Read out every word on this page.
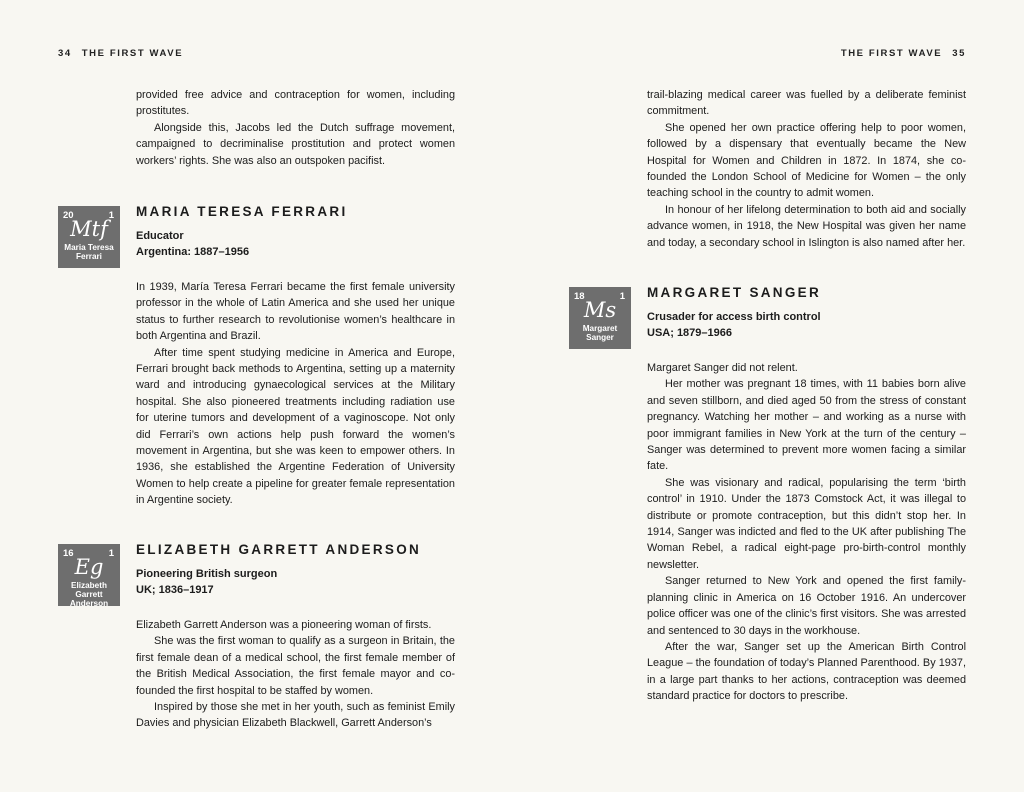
34 THE FIRST WAVE

provided free advice and contraception for women, including prostitutes.

Alongside this, Jacobs led the Dutch suffrage movement, campaigned to decriminalise prostitution and protect women workers’ rights. She was also an outspoken pacifist.

20	1
Mtf
Maria Teresa Ferrari
MARIA TERESA FERRARI
Educator
Argentina: 1887–1956

In 1939, María Teresa Ferrari became the first female university professor in the whole of Latin America and she used her unique status to further research to revolutionise women’s healthcare in both Argentina and Brazil.

After time spent studying medicine in America and Europe, Ferrari brought back methods to Argentina, setting up a maternity ward and introducing gynaecological services at the Military hospital. She also pioneered treatments including radiation use for uterine tumors and development of a vaginoscope. Not only did Ferrari’s own actions help push forward the women’s movement in Argentina, but she was keen to empower others. In 1936, she established the Argentine Federation of University Women to help create a pipeline for greater female representation in Argentine society.

16	1
Eg
Elizabeth Garrett Anderson
ELIZABETH GARRETT ANDERSON
Pioneering British surgeon
UK; 1836–1917

Elizabeth Garrett Anderson was a pioneering woman of firsts.

She was the first woman to qualify as a surgeon in Britain, the first female dean of a medical school, the first female member of the British Medical Association, the first female mayor and co-founded the first hospital to be staffed by women.

Inspired by those she met in her youth, such as feminist Emily Davies and physician Elizabeth Blackwell, Garrett Anderson’s

THE FIRST WAVE 35

trail-blazing medical career was fuelled by a deliberate feminist commitment.

She opened her own practice offering help to poor women, followed by a dispensary that eventually became the New Hospital for Women and Children in 1872. In 1874, she co-founded the London School of Medicine for Women – the only teaching school in the country to admit women.

In honour of her lifelong determination to both aid and socially advance women, in 1918, the New Hospital was given her name and today, a secondary school in Islington is also named after her.

18	1
Ms
Margaret Sanger
MARGARET SANGER
Crusader for access birth control
USA; 1879–1966

Margaret Sanger did not relent.

Her mother was pregnant 18 times, with 11 babies born alive and seven stillborn, and died aged 50 from the stress of constant pregnancy. Watching her mother – and working as a nurse with poor immigrant families in New York at the turn of the century – Sanger was determined to prevent more women facing a similar fate.

She was visionary and radical, popularising the term ‘birth control’ in 1910. Under the 1873 Comstock Act, it was illegal to distribute or promote contraception, but this didn’t stop her. In 1914, Sanger was indicted and fled to the UK after publishing The Woman Rebel, a radical eight-page pro-birth-control monthly newsletter.

Sanger returned to New York and opened the first family-planning clinic in America on 16 October 1916. An undercover police officer was one of the clinic’s first visitors. She was arrested and sentenced to 30 days in the workhouse.

After the war, Sanger set up the American Birth Control League – the foundation of today’s Planned Parenthood. By 1937, in a large part thanks to her actions, contraception was deemed standard practice for doctors to prescribe.
